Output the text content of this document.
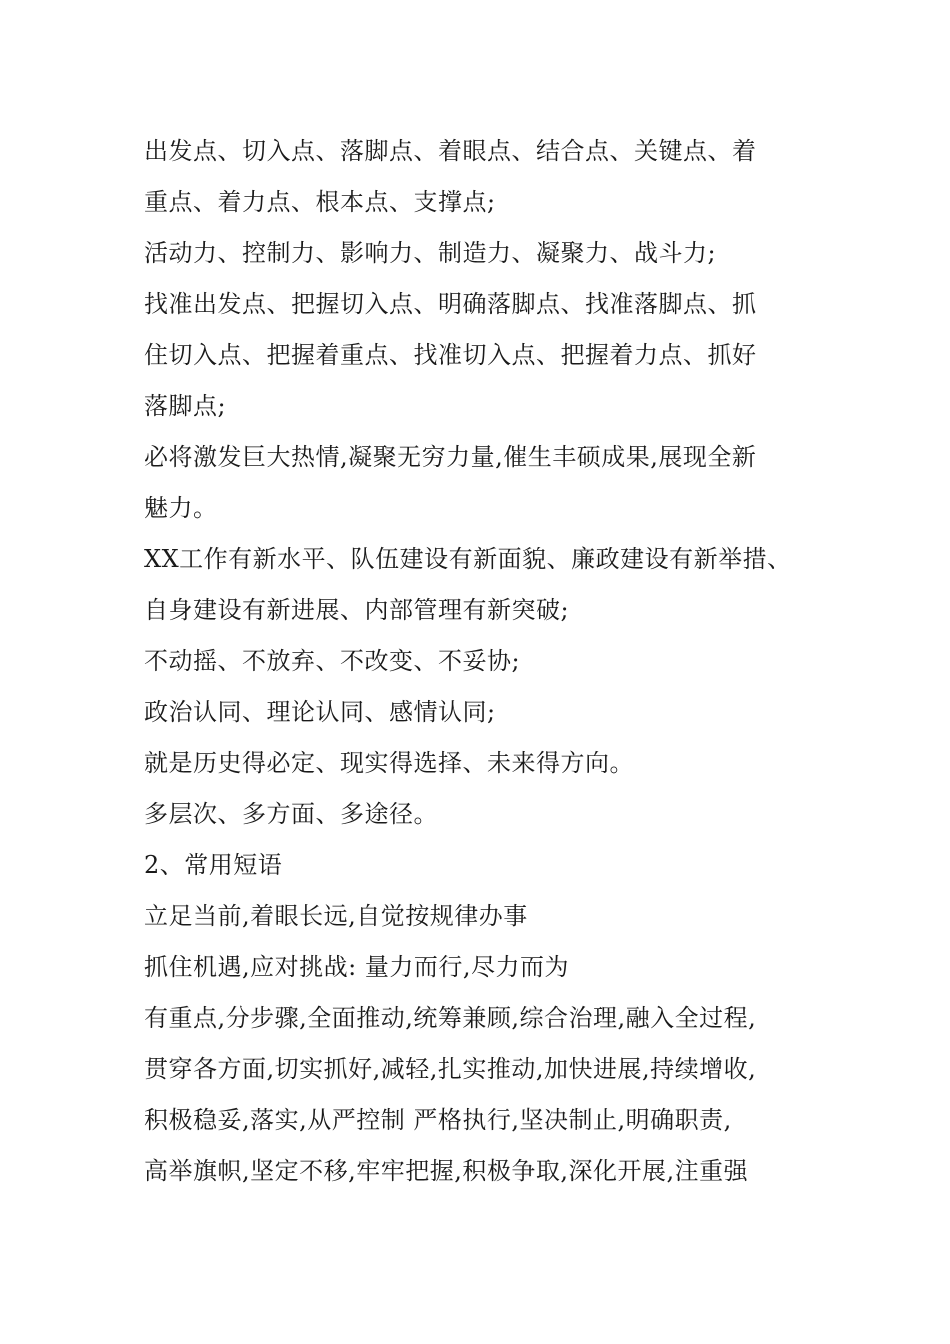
出发点、切入点、落脚点、着眼点、结合点、关键点、着
重点、着力点、根本点、支撑点;
活动力、控制力、影响力、制造力、凝聚力、战斗力;
找准出发点、把握切入点、明确落脚点、找准落脚点、抓
住切入点、把握着重点、找准切入点、把握着力点、抓好
落脚点;
必将激发巨大热情,凝聚无穷力量,催生丰硕成果,展现全新
魅力。
XX工作有新水平、队伍建设有新面貌、廉政建设有新举措、
自身建设有新进展、内部管理有新突破;
不动摇、不放弃、不改变、不妥协;
政治认同、理论认同、感情认同;
就是历史得必定、现实得选择、未来得方向。
多层次、多方面、多途径。
2、常用短语
立足当前,着眼长远,自觉按规律办事
抓住机遇,应对挑战: 量力而行,尽力而为
有重点,分步骤,全面推动,统筹兼顾,综合治理,融入全过程,
贯穿各方面,切实抓好,减轻,扎实推动,加快进展,持续增收,
积极稳妥,落实,从严控制 严格执行,坚决制止,明确职责,
高举旗帜,坚定不移,牢牢把握,积极争取,深化开展,注重强
